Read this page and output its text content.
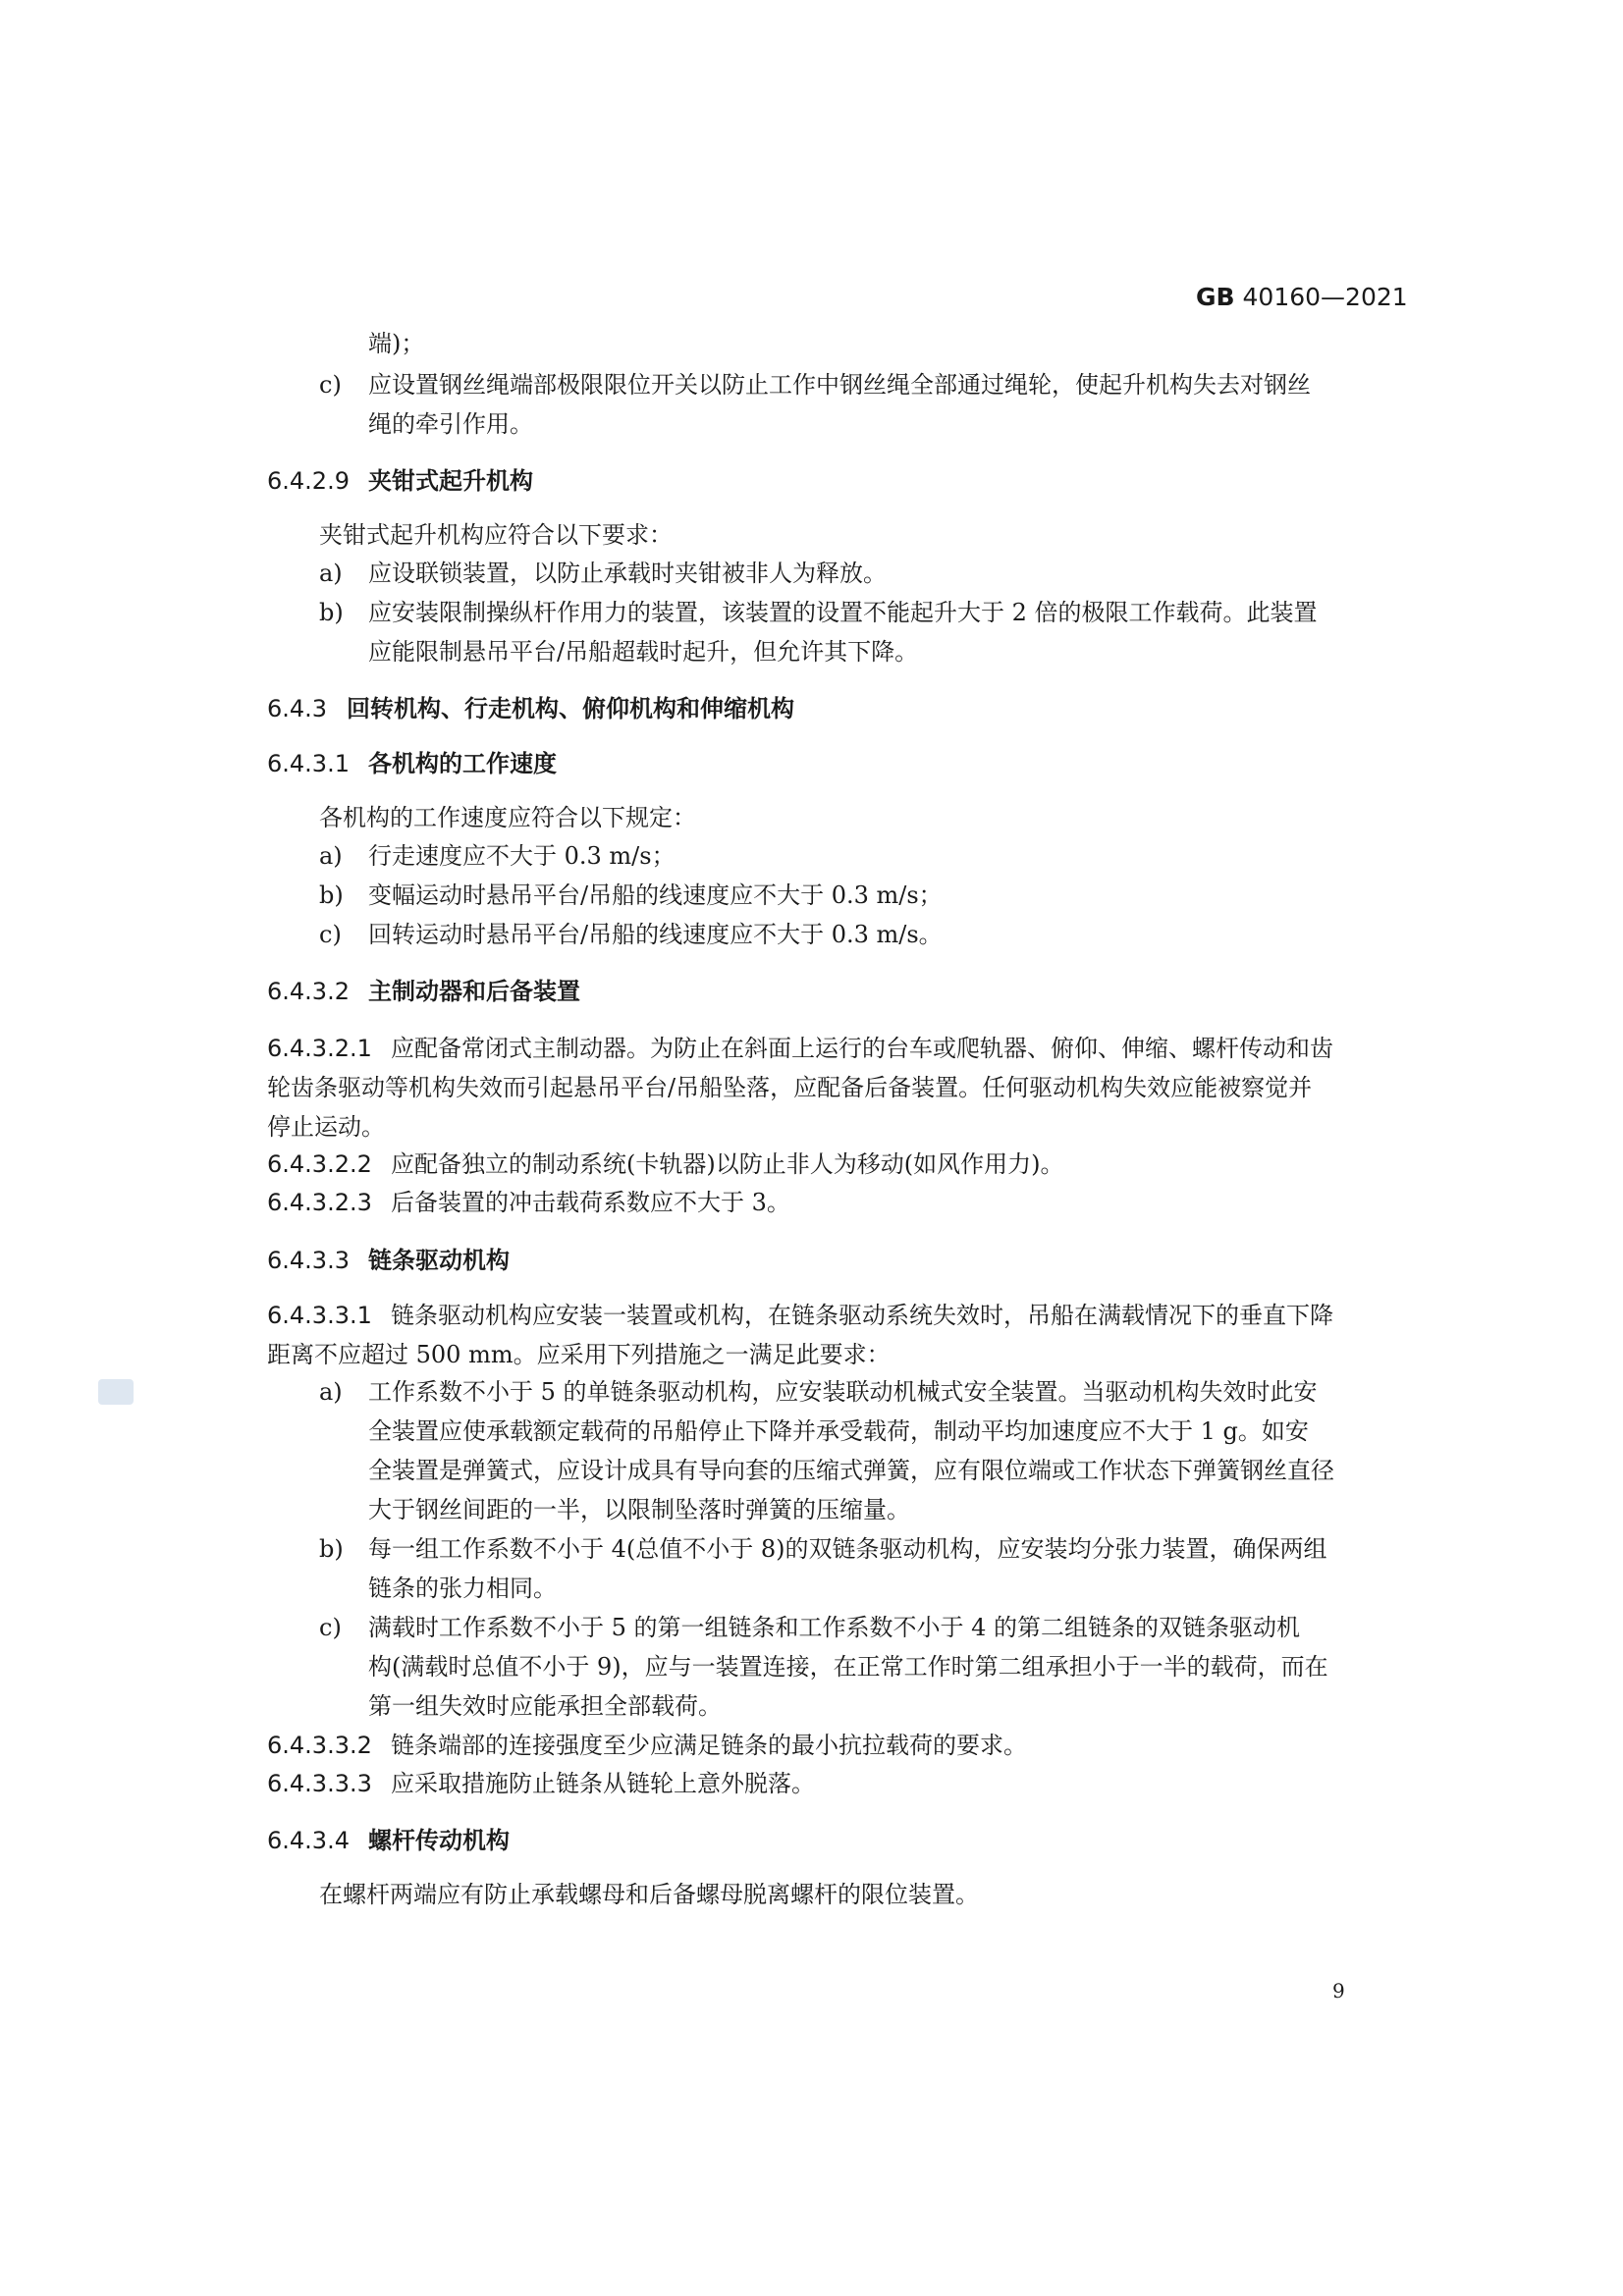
GB 40160—2021
端)；
c) 应设置钢丝绳端部极限限位开关以防止工作中钢丝绳全部通过绳轮，使起升机构失去对钢丝
绳的牵引作用。
6.4.2.9 夹钳式起升机构
夹钳式起升机构应符合以下要求：
a) 应设联锁装置，以防止承载时夹钳被非人为释放。
b) 应安装限制操纵杆作用力的装置，该装置的设置不能起升大于 2 倍的极限工作载荷。此装置
应能限制悬吊平台/吊船超载时起升，但允许其下降。
6.4.3 回转机构、行走机构、俯仰机构和伸缩机构
6.4.3.1 各机构的工作速度
各机构的工作速度应符合以下规定：
a) 行走速度应不大于 0.3 m/s；
b) 变幅运动时悬吊平台/吊船的线速度应不大于 0.3 m/s；
c) 回转运动时悬吊平台/吊船的线速度应不大于 0.3 m/s。
6.4.3.2 主制动器和后备装置
6.4.3.2.1 应配备常闭式主制动器。为防止在斜面上运行的台车或爬轨器、俯仰、伸缩、螺杆传动和齿
轮齿条驱动等机构失效而引起悬吊平台/吊船坠落，应配备后备装置。任何驱动机构失效应能被察觉并
停止运动。
6.4.3.2.2 应配备独立的制动系统(卡轨器)以防止非人为移动(如风作用力)。
6.4.3.2.3 后备装置的冲击载荷系数应不大于 3。
6.4.3.3 链条驱动机构
6.4.3.3.1 链条驱动机构应安装一装置或机构，在链条驱动系统失效时，吊船在满载情况下的垂直下降
距离不应超过 500 mm。应采用下列措施之一满足此要求：
a) 工作系数不小于 5 的单链条驱动机构，应安装联动机械式安全装置。当驱动机构失效时此安
全装置应使承载额定载荷的吊船停止下降并承受载荷，制动平均加速度应不大于 1 g。如安
全装置是弹簧式，应设计成具有导向套的压缩式弹簧，应有限位端或工作状态下弹簧钢丝直径
大于钢丝间距的一半，以限制坠落时弹簧的压缩量。
b) 每一组工作系数不小于 4(总值不小于 8)的双链条驱动机构，应安装均分张力装置，确保两组
链条的张力相同。
c) 满载时工作系数不小于 5 的第一组链条和工作系数不小于 4 的第二组链条的双链条驱动机
构(满载时总值不小于 9)，应与一装置连接，在正常工作时第二组承担小于一半的载荷，而在
第一组失效时应能承担全部载荷。
6.4.3.3.2 链条端部的连接强度至少应满足链条的最小抗拉载荷的要求。
6.4.3.3.3 应采取措施防止链条从链轮上意外脱落。
6.4.3.4 螺杆传动机构
在螺杆两端应有防止承载螺母和后备螺母脱离螺杆的限位装置。
9
